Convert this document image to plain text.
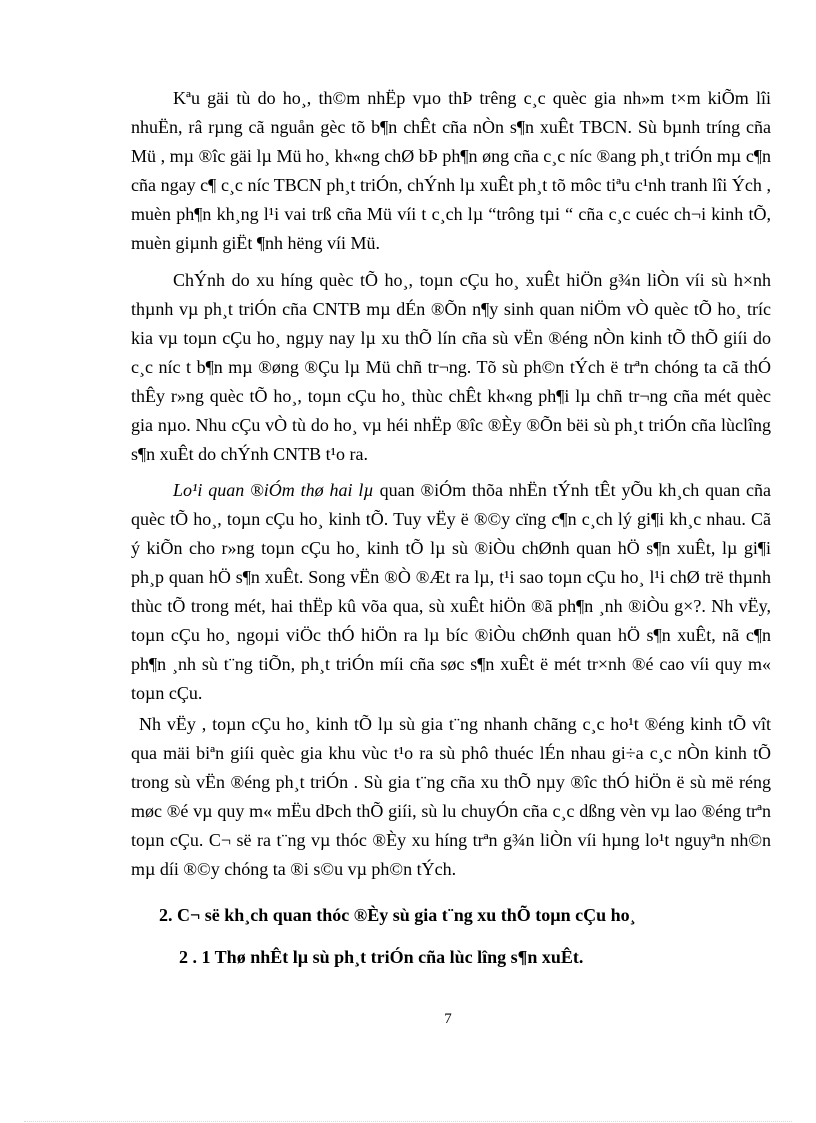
Kªu gäi tù do ho¸, th©m nhËp vµo thÞ trêng c¸c quèc gia nh»m t×m kiÕm lîi nhuËn, râ rµng cã nguån gèc tõ b¶n chÊt cña nÒn s¶n xuÊt TBCN. Sù bµnh tríng cña Mü , mµ ®îc gäi lµ Mü ho¸ kh«ng chØ bÞ ph¶n øng cña c¸c níc ®ang ph¸t triÓn mµ c¶n cña ngay c¶ c¸c níc TBCN ph¸t triÓn, chÝnh lµ xuÊt ph¸t tõ môc tiªu c¹nh tranh lîi Ých , muèn ph¶n kh¸ng l¹i vai trß cña Mü víi t c¸ch lµ “trông tµi “ cña c¸c cuéc ch¬i kinh tÕ, muèn giµnh giËt ¶nh hëng víi Mü.

ChÝnh do xu híng quèc tÕ ho¸, toµn cÇu ho¸ xuÊt hiÖn g¾n liÒn víi sù h×nh thµnh vµ ph¸t triÓn cña CNTB mµ dÉn ®Õn n¶y sinh quan niÖm vÒ quèc tÕ ho¸ tríc kia vµ toµn cÇu ho¸ ngµy nay lµ xu thÕ lín cña sù vËn ®éng nÒn kinh tÕ thÕ giíi do c¸c níc t b¶n mµ ®øng ®Çu lµ Mü chñ tr¬ng. Tõ sù ph©n tÝch ë trªn chóng ta cã thÓ thÊy r»ng quèc tÕ ho¸, toµn cÇu ho¸ thùc chÊt kh«ng ph¶i lµ chñ tr¬ng cña mét quèc gia nµo. Nhu cÇu vÒ tù do ho¸ vµ héi nhËp ®îc ®Èy ®Õn bëi sù ph¸t triÓn cña lùclîng s¶n xuÊt do chÝnh CNTB t¹o ra.

Lo¹i quan ®iÓm thø hai lµ quan ®iÓm thõa nhËn tÝnh tÊt yÕu kh¸ch quan cña quèc tÕ ho¸, toµn cÇu ho¸ kinh tÕ. Tuy vËy ë ®©y cïng c¶n c¸ch lý gi¶i kh¸c nhau. Cã ý kiÕn cho r»ng toµn cÇu ho¸ kinh tÕ lµ sù ®iÒu chØnh quan hÖ s¶n xuÊt, lµ gi¶i ph¸p quan hÖ s¶n xuÊt. Song vËn ®Ò ®Æt ra lµ, t¹i sao toµn cÇu ho¸ l¹i chØ trë thµnh thùc tÕ trong mét, hai thËp kû võa qua, sù xuÊt hiÖn ®ã ph¶n ¸nh ®iÒu g×?. Nh vËy, toµn cÇu ho¸ ngoµi viÖc thÓ hiÖn ra lµ bíc ®iÒu chØnh quan hÖ s¶n xuÊt, nã c¶n ph¶n ¸nh sù t¨ng tiÕn, ph¸t triÓn míi cña søc s¶n xuÊt ë mét tr×nh ®é cao víi quy m« toµn cÇu.

Nh vËy , toµn cÇu ho¸ kinh tÕ lµ sù gia t¨ng nhanh chãng c¸c ho¹t ®éng kinh tÕ vît qua mäi biªn giíi quèc gia khu vùc t¹o ra sù phô thuéc lÉn nhau gi÷a c¸c nÒn kinh tÕ trong sù vËn ®éng ph¸t triÓn . Sù gia t¨ng cña xu thÕ nµy ®îc thÓ hiÖn ë sù më réng møc ®é vµ quy m« mËu dÞch thÕ giíi, sù lu chuyÓn cña c¸c dßng vèn vµ lao ®éng trªn toµn cÇu. C¬ së ra t¨ng vµ thóc ®Èy xu híng trªn g¾n liÒn víi hµng lo¹t nguyªn nh©n mµ díi ®©y chóng ta ®i s©u vµ ph©n tÝch.

2. C¬ së kh¸ch quan thóc ®Èy sù gia t¨ng xu thÕ toµn cÇu ho¸

2 . 1 Thø nhÊt lµ sù ph¸t triÓn cña lùc lîng s¶n xuÊt.

7
